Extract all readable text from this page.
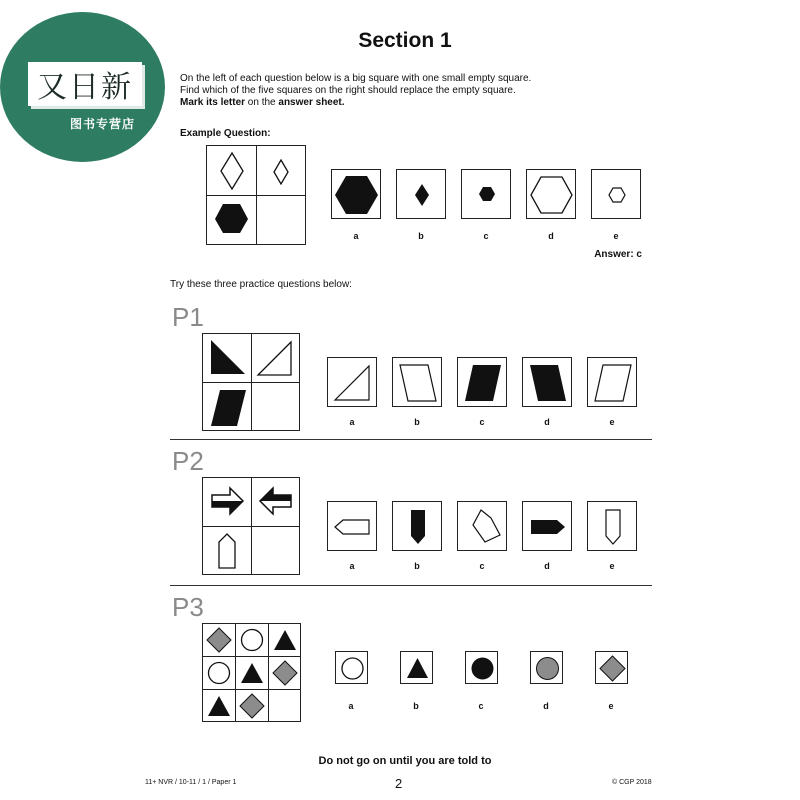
又日新
图书专营店
Section 1
On the left of each question below is a big square with one small empty square.
Find which of the five squares on the right should replace the empty square.
Mark its letter on the answer sheet.
Example Question:
a	b	c	d	e
Answer: c
Try these three practice questions below:
P1
a	b	c	d	e
P2
a	b	c	d	e
P3
a	b	c	d	e
Do not go on until you are told to
11+ NVR / 10-11 / 1 / Paper 1	2	© CGP 2018
